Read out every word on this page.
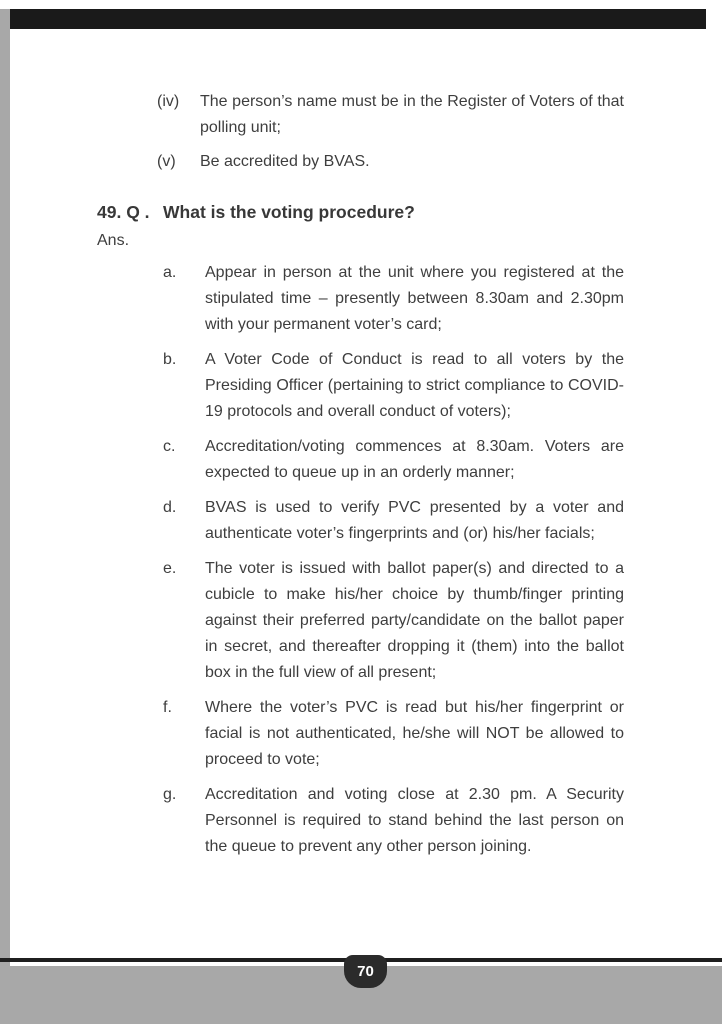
(iv)	The person’s name must be in the Register of Voters of that polling unit;
(v)	Be accredited by BVAS.
49. Q . What is the voting procedure?
Ans.
a.	Appear in person at the unit where you registered at the stipulated time – presently between 8.30am and 2.30pm with your permanent voter’s card;
b.	A Voter Code of Conduct is read to all voters by the Presiding Officer (pertaining to strict compliance to COVID-19 protocols and overall conduct of voters);
c.	Accreditation/voting commences at 8.30am. Voters are expected to queue up in an orderly manner;
d.	BVAS is used to verify PVC presented by a voter and authenticate voter’s fingerprints and (or) his/her facials;
e.	The voter is issued with ballot paper(s) and directed to a cubicle to make his/her choice by thumb/finger printing against their preferred party/candidate on the ballot paper in secret, and thereafter dropping it (them) into the ballot box in the full view of all present;
f.	Where the voter’s PVC is read but his/her fingerprint or facial is not authenticated, he/she will NOT be allowed to proceed to vote;
g.	Accreditation and voting close at 2.30 pm. A Security Personnel is required to stand behind the last person on the queue to prevent any other person joining.
70
